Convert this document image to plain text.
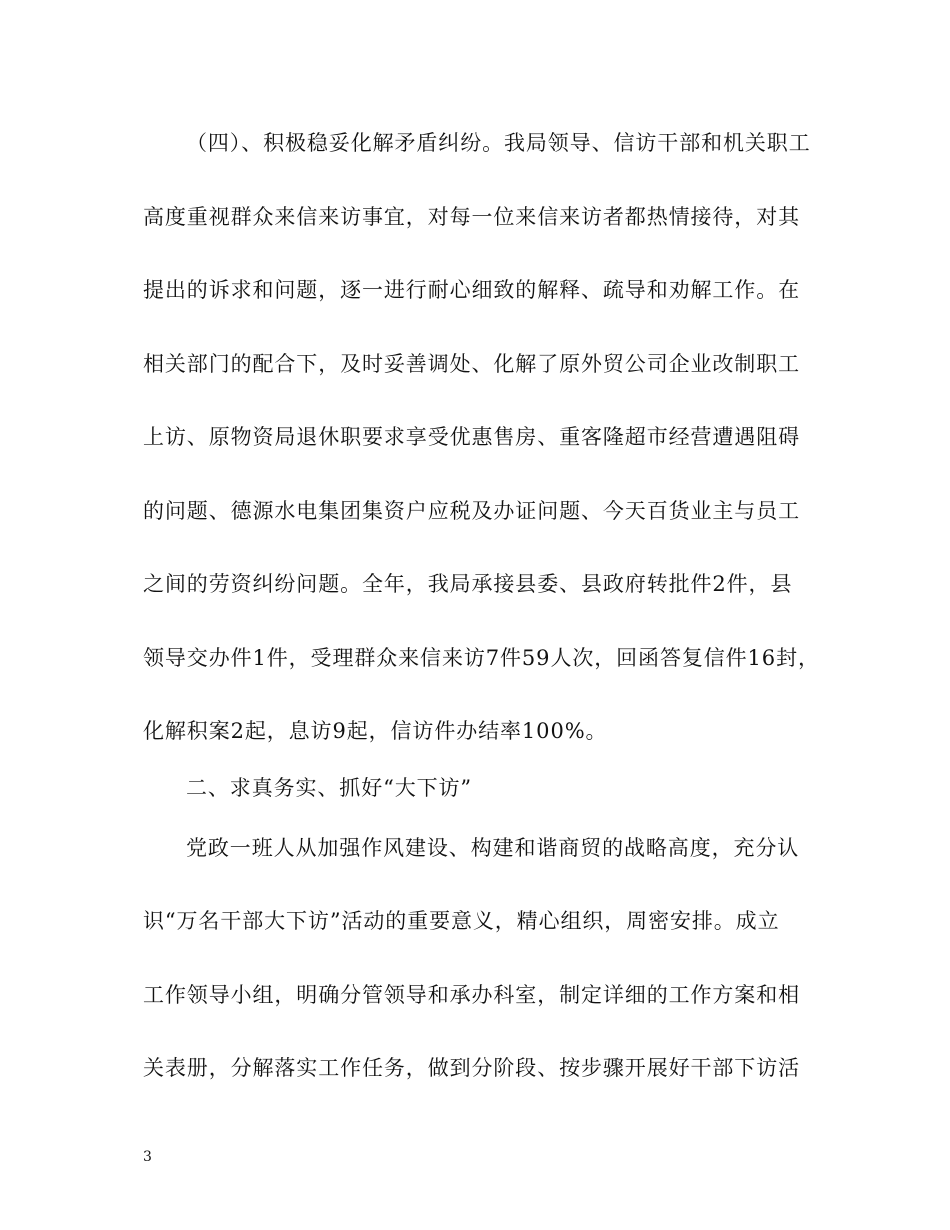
（四）、积极稳妥化解矛盾纠纷。我局领导、信访干部和机关职工
高度重视群众来信来访事宜，对每一位来信来访者都热情接待，对其
提出的诉求和问题，逐一进行耐心细致的解释、疏导和劝解工作。在
相关部门的配合下，及时妥善调处、化解了原外贸公司企业改制职工
上访、原物资局退休职要求享受优惠售房、重客隆超市经营遭遇阻碍
的问题、德源水电集团集资户应税及办证问题、今天百货业主与员工
之间的劳资纠纷问题。全年，我局承接县委、县政府转批件2件，县
领导交办件1件，受理群众来信来访7件59人次，回函答复信件16封，
化解积案2起，息访9起，信访件办结率100%。
二、求真务实、抓好“大下访”
党政一班人从加强作风建设、构建和谐商贸的战略高度，充分认
识“万名干部大下访”活动的重要意义，精心组织，周密安排。成立
工作领导小组，明确分管领导和承办科室，制定详细的工作方案和相
关表册，分解落实工作任务，做到分阶段、按步骤开展好干部下访活
3
